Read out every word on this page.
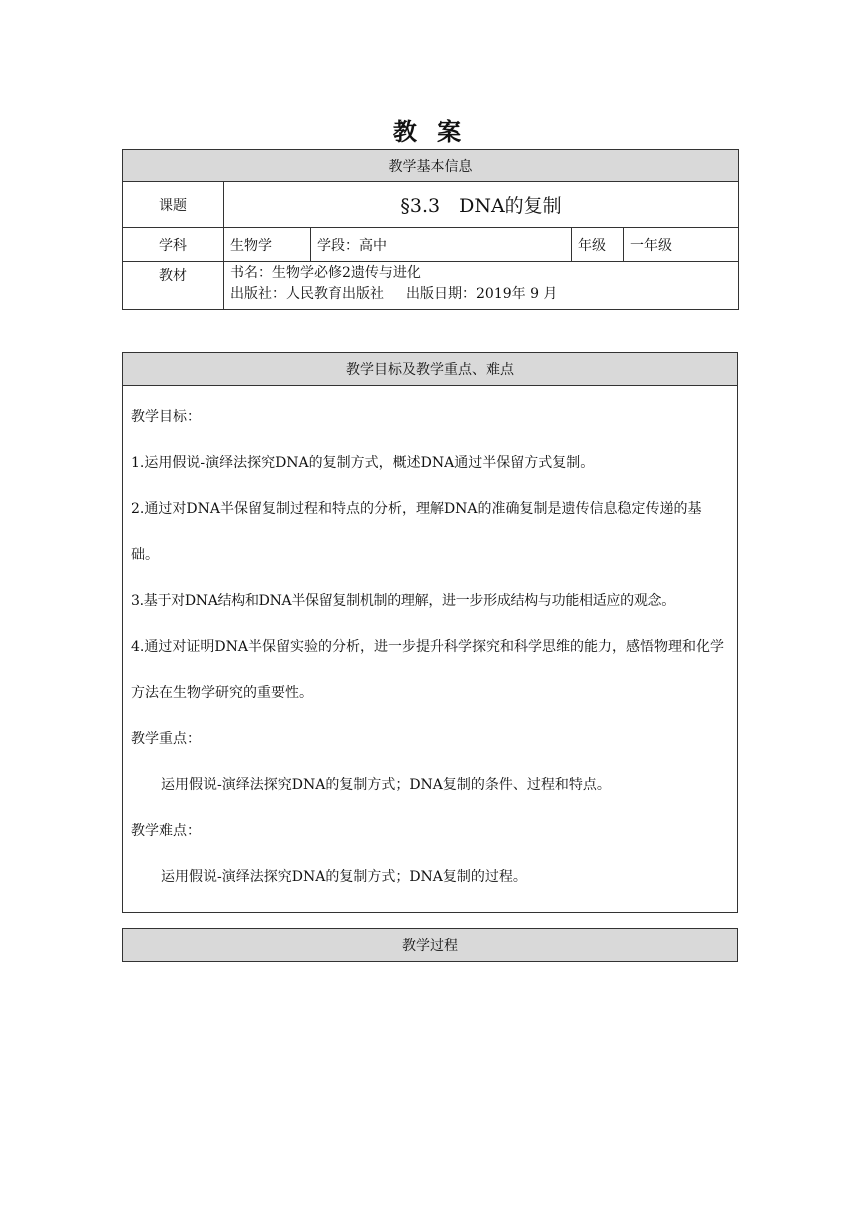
教 案
教学基本信息				
课题	§3.3　DNA的复制			
学科	生物学	学段：高中	年级	一年级
教材	书名：生物学必修2遗传与进化
出版社：人民教育出版社 出版日期：2019年 9 月			
教学目标及教学重点、难点

教学目标：

1.运用假说-演绎法探究DNA的复制方式，概述DNA通过半保留方式复制。

2.通过对DNA半保留复制过程和特点的分析，理解DNA的准确复制是遗传信息稳定传递的基础。

3.基于对DNA结构和DNA半保留复制机制的理解，进一步形成结构与功能相适应的观念。

4.通过对证明DNA半保留实验的分析，进一步提升科学探究和科学思维的能力，感悟物理和化学方法在生物学研究的重要性。

教学重点：

运用假说-演绎法探究DNA的复制方式；DNA复制的条件、过程和特点。

教学难点：

运用假说-演绎法探究DNA的复制方式；DNA复制的过程。

教学过程
